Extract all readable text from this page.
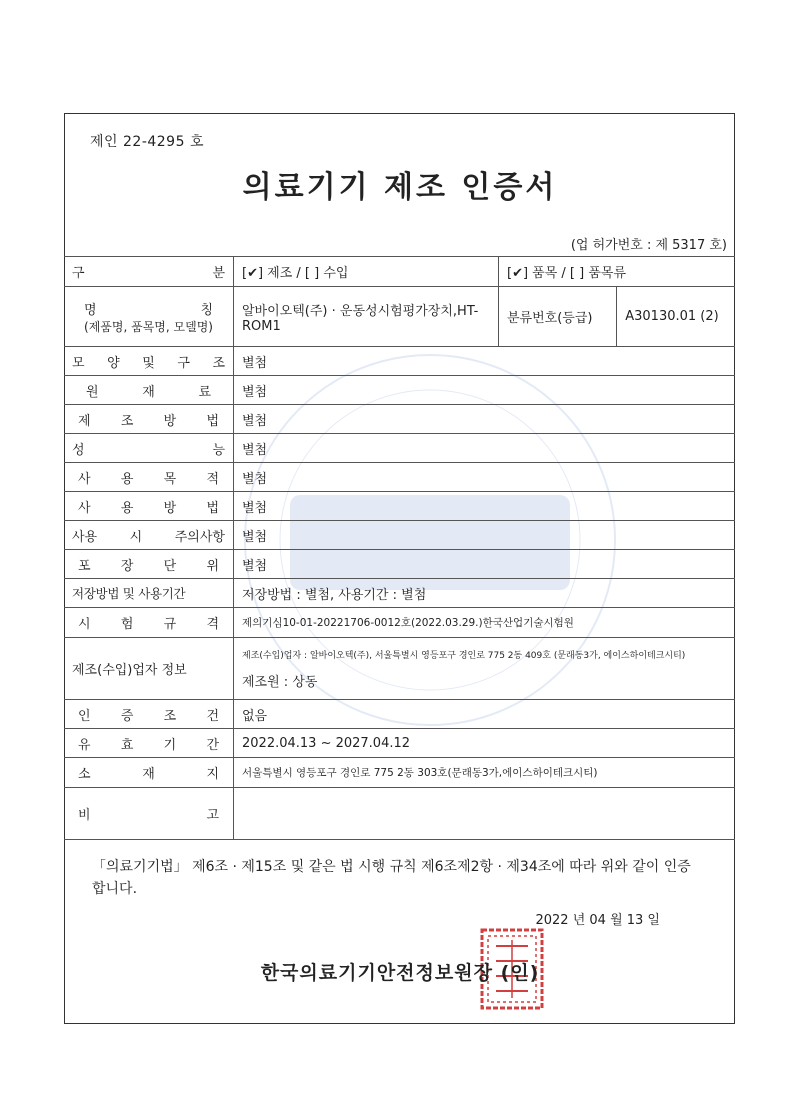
제인 22-4295 호
의료기기 제조 인증서
(업 허가번호 : 제 5317 호)
구 분	[✔] 제조 / [ ] 수입	[✔] 품목 / [ ] 품목류	

명 칭
(제품명, 품목명, 모델명)	알바이오텍(주) · 운동성시험평가장치,HT-ROM1	분류번호(등급)	A30130.01 (2)

모 양 및 구 조	별첨		

원 재 료	별첨		

제 조 방 법	별첨		

성 능	별첨		

사 용 목 적	별첨		

사 용 방 법	별첨		

사용 시 주의사항	별첨		

포 장 단 위	별첨		
저장방법 및 사용기간	저장방법 : 별첨, 사용기간 : 별첨		

시 험 규 격	제의기심10-01-20221706-0012호(2022.03.29.)한국산업기술시험원		
제조(수입)업자 정보	제조(수입)업자 : 알바이오텍(주), 서울특별시 영등포구 경인로 775 2동 409호 (문래동3가, 에이스하이테크시티)
제조원 : 상동		

인 증 조 건	없음		

유 효 기 간	2022.04.13 ~ 2027.04.12		

소 재 지	서울특별시 영등포구 경인로 775 2동 303호(문래동3가,에이스하이테크시티)		

비 고			

「의료기기법」 제6조 · 제15조 및 같은 법 시행 규칙 제6조제2항 · 제34조에 따라 위와 같이 인증합니다.
2022 년 04 월 13 일
한국의료기기안전정보원장 (인)
